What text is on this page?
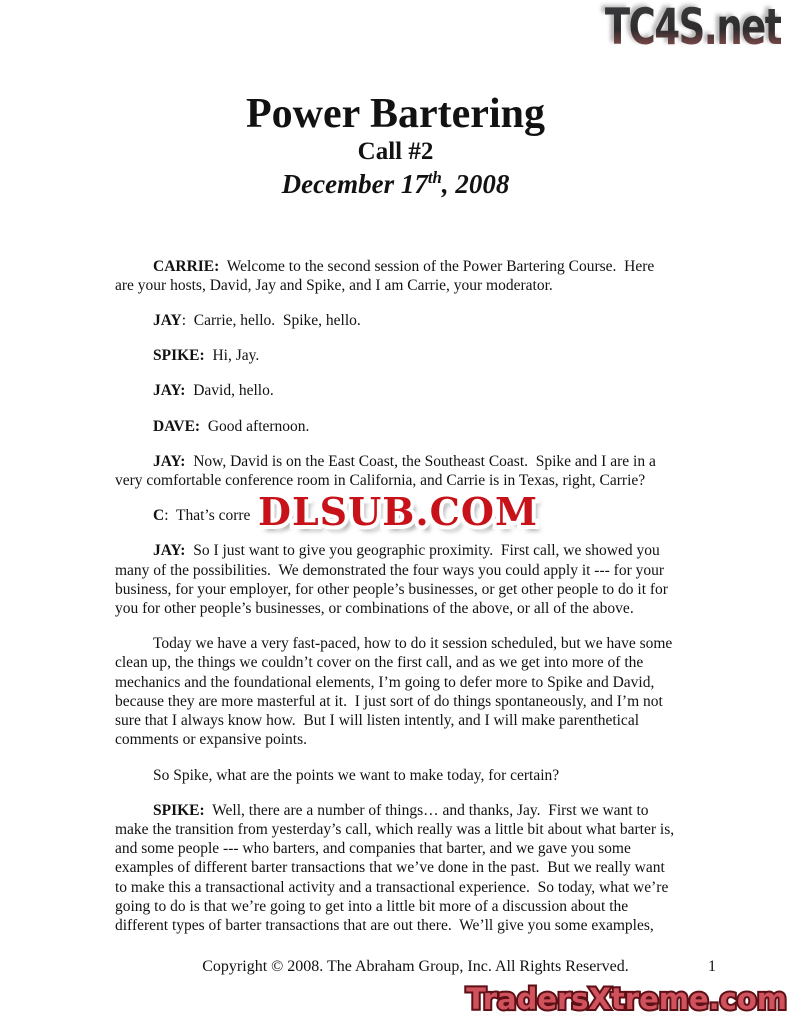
TC4S.net
DLSUB.COM DLSUB.COM
TradersXtreme.com TradersXtreme.com TradersXtreme.com
Power Bartering
Call #2
December 17th, 2008

CARRIE:  Welcome to the second session of the Power Bartering Course.  Here are your hosts, David, Jay and Spike, and I am Carrie, your moderator.

JAY:  Carrie, hello.  Spike, hello.

SPIKE:  Hi, Jay.

JAY:  David, hello.

DAVE:  Good afternoon.

JAY:  Now, David is on the East Coast, the Southeast Coast.  Spike and I are in a very comfortable conference room in California, and Carrie is in Texas, right, Carrie?

C:  That’s corre

JAY:  So I just want to give you geographic proximity.  First call, we showed you many of the possibilities.  We demonstrated the four ways you could apply it --- for your business, for your employer, for other people’s businesses, or get other people to do it for you for other people’s businesses, or combinations of the above, or all of the above.

Today we have a very fast-paced, how to do it session scheduled, but we have some clean up, the things we couldn’t cover on the first call, and as we get into more of the mechanics and the foundational elements, I’m going to defer more to Spike and David, because they are more masterful at it.  I just sort of do things spontaneously, and I’m not sure that I always know how.  But I will listen intently, and I will make parenthetical comments or expansive points.

So Spike, what are the points we want to make today, for certain?

SPIKE:  Well, there are a number of things… and thanks, Jay.  First we want to make the transition from yesterday’s call, which really was a little bit about what barter is, and some people --- who barters, and companies that barter, and we gave you some examples of different barter transactions that we’ve done in the past.  But we really want to make this a transactional activity and a transactional experience.  So today, what we’re going to do is that we’re going to get into a little bit more of a discussion about the different types of barter transactions that are out there.  We’ll give you some examples,

Copyright © 2008. The Abraham Group, Inc. All Rights Reserved.	1
